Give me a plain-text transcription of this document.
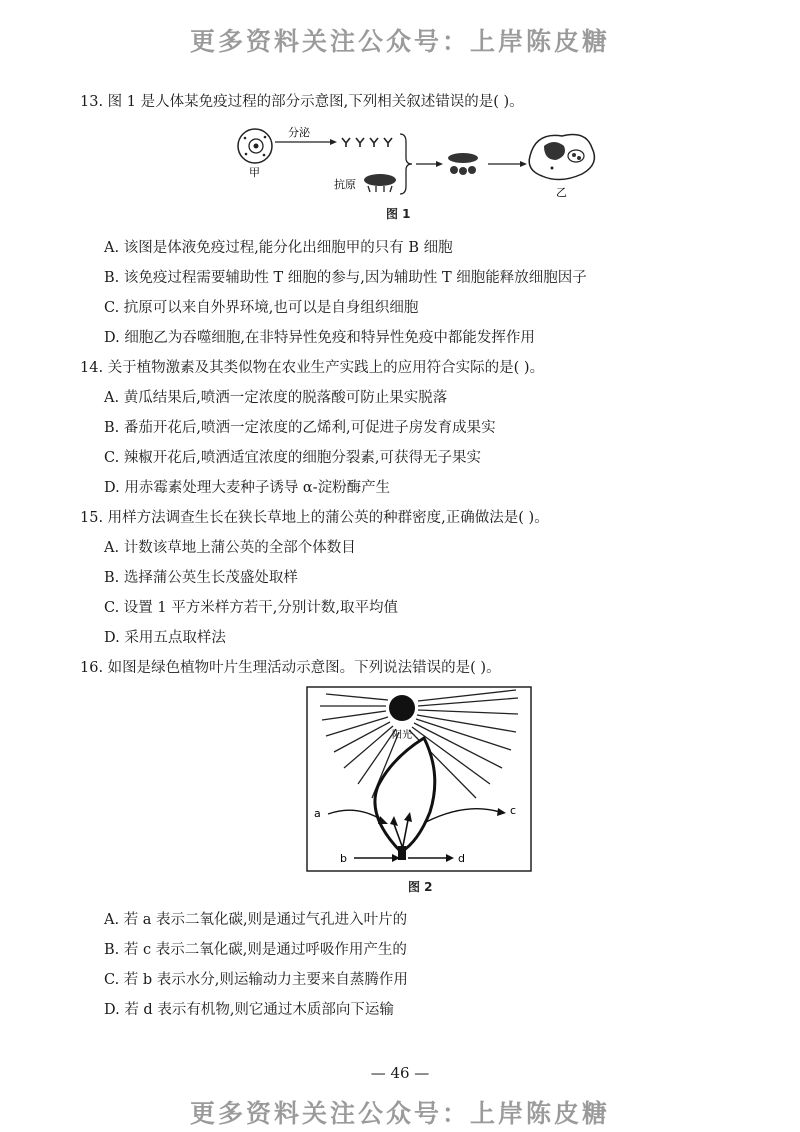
更多资料关注公众号：上岸陈皮糖
13. 图 1 是人体某免疫过程的部分示意图,下列相关叙述错误的是( )。
甲
分泌
抗原
乙
图 1
A. 该图是体液免疫过程,能分化出细胞甲的只有 B 细胞
B. 该免疫过程需要辅助性 T 细胞的参与,因为辅助性 T 细胞能释放细胞因子
C. 抗原可以来自外界环境,也可以是自身组织细胞
D. 细胞乙为吞噬细胞,在非特异性免疫和特异性免疫中都能发挥作用
14. 关于植物激素及其类似物在农业生产实践上的应用符合实际的是( )。
A. 黄瓜结果后,喷洒一定浓度的脱落酸可防止果实脱落
B. 番茄开花后,喷洒一定浓度的乙烯利,可促进子房发育成果实
C. 辣椒开花后,喷洒适宜浓度的细胞分裂素,可获得无子果实
D. 用赤霉素处理大麦种子诱导 α-淀粉酶产生
15. 用样方法调查生长在狭长草地上的蒲公英的种群密度,正确做法是( )。
A. 计数该草地上蒲公英的全部个体数目
B. 选择蒲公英生长茂盛处取样
C. 设置 1 平方米样方若干,分别计数,取平均值
D. 采用五点取样法
16. 如图是绿色植物叶片生理活动示意图。下列说法错误的是( )。
阳光
a	c
b	d
图 2
A. 若 a 表示二氧化碳,则是通过气孔进入叶片的
B. 若 c 表示二氧化碳,则是通过呼吸作用产生的
C. 若 b 表示水分,则运输动力主要来自蒸腾作用
D. 若 d 表示有机物,则它通过木质部向下运输
— 46 —
更多资料关注公众号：上岸陈皮糖
